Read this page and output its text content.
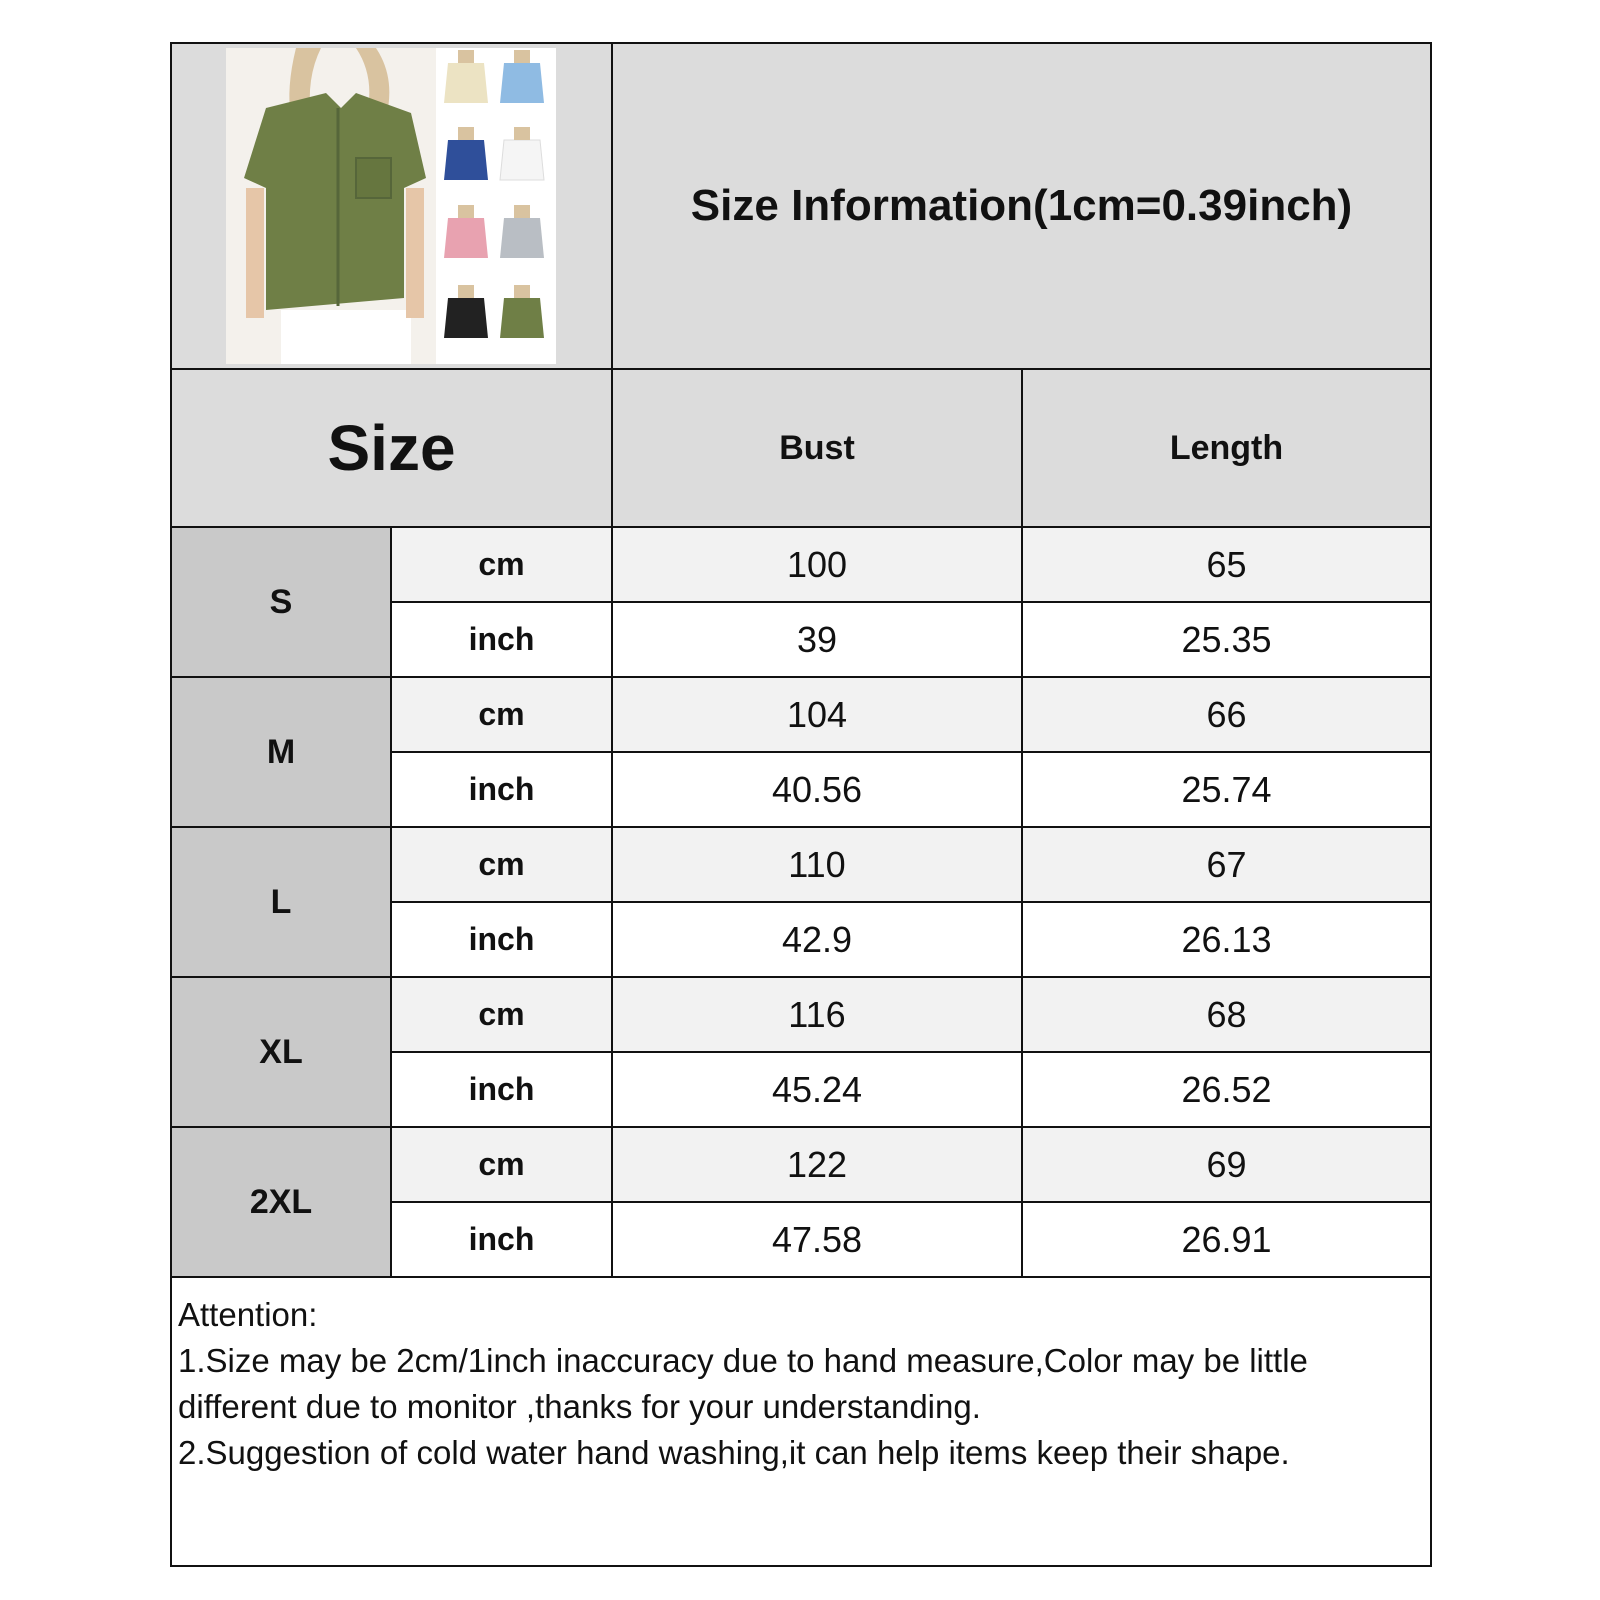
Size Information(1cm=0.39inch)
Size	Bust	Length
S
cm	100	65
inch	39	25.35
M
cm	104	66
inch	40.56	25.74
L
cm	110	67
inch	42.9	26.13
XL
cm	116	68
inch	45.24	26.52
2XL
cm	122	69
inch	47.58	26.91
Attention:
1.Size may be 2cm/1inch inaccuracy due to hand measure,Color may be little different due to monitor ,thanks for your understanding.
2.Suggestion of cold water hand washing,it can help items keep their shape.
